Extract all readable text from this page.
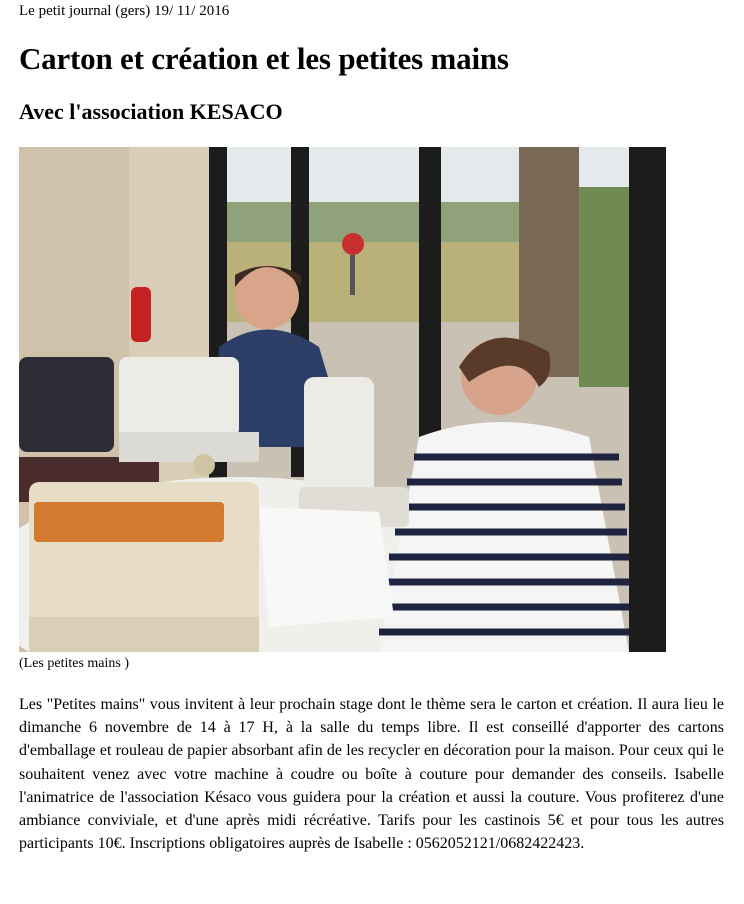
Le petit journal (gers) 19/ 11/ 2016
Carton et création et les petites mains
Avec l'association KESACO
(Les petites mains )

Les "Petites mains" vous invitent à leur prochain stage dont le thème sera le carton et création. Il aura lieu le dimanche 6 novembre de 14 à 17 H, à la salle du temps libre. Il est conseillé d'apporter des cartons d'emballage et rouleau de papier absorbant afin de les recycler en décoration pour la maison. Pour ceux qui le souhaitent venez avec votre machine à coudre ou boîte à couture pour demander des conseils. Isabelle l'animatrice de l'association Késaco vous guidera pour la création et aussi la couture. Vous profiterez d'une ambiance conviviale, et d'une après midi récréative. Tarifs pour les castinois 5€ et pour tous les autres participants 10€. Inscriptions obligatoires auprès de Isabelle : 0562052121/0682422423.
